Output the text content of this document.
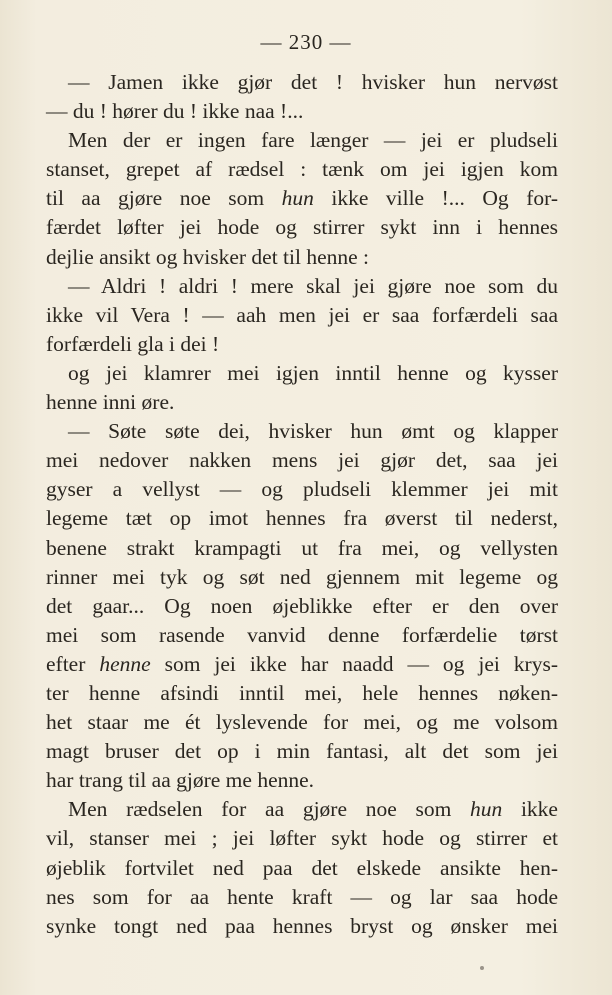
— 230 —
— Jamen ikke gjør det ! hvisker hun nervøst
— du ! hører du ! ikke naa !...
Men der er ingen fare længer — jei er pludseli
stanset, grepet af rædsel : tænk om jei igjen kom
til aa gjøre noe som hun ikke ville !... Og for-
færdet løfter jei hode og stirrer sykt inn i hennes
dejlie ansikt og hvisker det til henne :
— Aldri ! aldri ! mere skal jei gjøre noe som du
ikke vil Vera ! — aah men jei er saa forfærdeli saa
forfærdeli gla i dei !
og jei klamrer mei igjen inntil henne og kysser
henne inni øre.
— Søte søte dei, hvisker hun ømt og klapper
mei nedover nakken mens jei gjør det, saa jei
gyser a vellyst — og pludseli klemmer jei mit
legeme tæt op imot hennes fra øverst til nederst,
benene strakt krampagti ut fra mei, og vellysten
rinner mei tyk og søt ned gjennem mit legeme og
det gaar... Og noen øjeblikke efter er den over
mei som rasende vanvid denne forfærdelie tørst
efter henne som jei ikke har naadd — og jei krys-
ter henne afsindi inntil mei, hele hennes nøken-
het staar me ét lyslevende for mei, og me volsom
magt bruser det op i min fantasi, alt det som jei
har trang til aa gjøre me henne.
Men rædselen for aa gjøre noe som hun ikke
vil, stanser mei ; jei løfter sykt hode og stirrer et
øjeblik fortvilet ned paa det elskede ansikte hen-
nes som for aa hente kraft — og lar saa hode
synke tongt ned paa hennes bryst og ønsker mei
